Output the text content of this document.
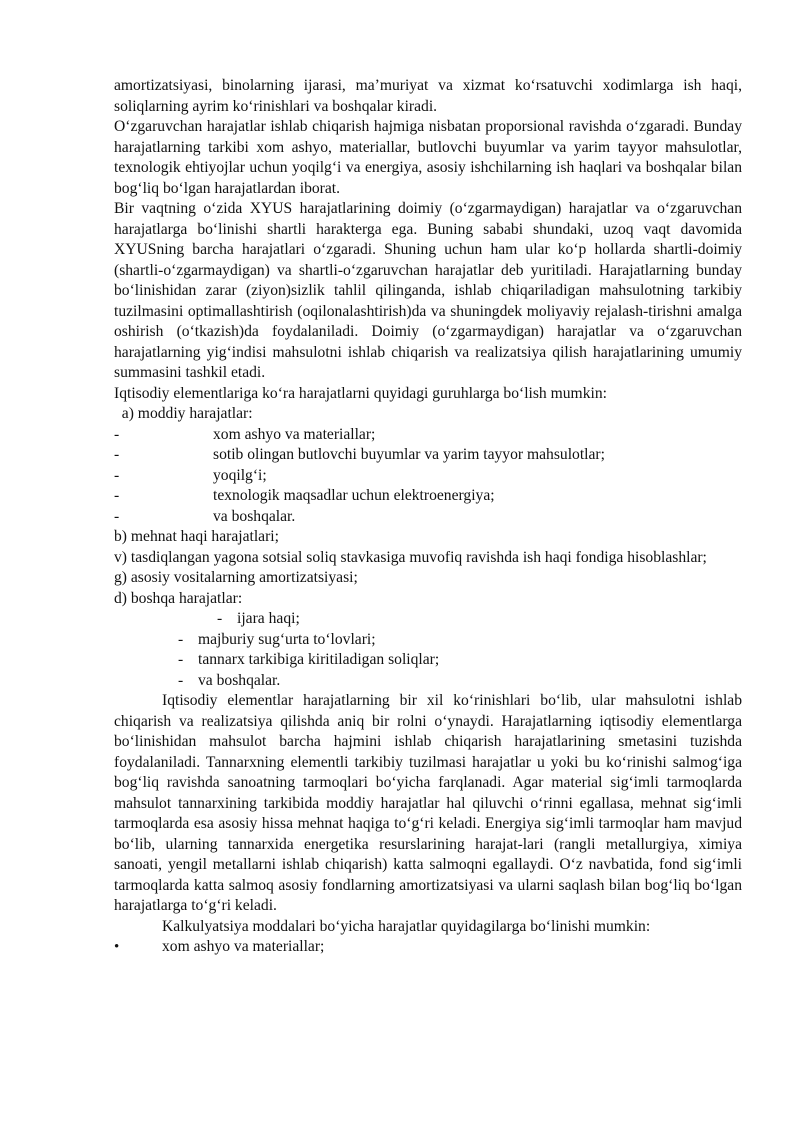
amortizatsiyasi, binolarning ijarasi, ma’muriyat va xizmat ko‘rsatuvchi xodimlarga ish haqi, soliqlarning ayrim ko‘rinishlari va boshqalar kiradi.

O‘zgaruvchan harajatlar ishlab chiqarish hajmiga nisbatan proporsional ravishda o‘zgaradi. Bunday harajatlarning tarkibi xom ashyo, materiallar, butlovchi buyumlar va yarim tayyor mahsulotlar, texnologik ehtiyojlar uchun yoqilg‘i va energiya, asosiy ishchilarning ish haqlari va boshqalar bilan bog‘liq bo‘lgan harajatlardan iborat.

Bir vaqtning o‘zida XYUS harajatlarining doimiy (o‘zgarmaydigan) harajatlar va o‘zgaruvchan harajatlarga bo‘linishi shartli harakterga ega. Buning sababi shundaki, uzoq vaqt davomida XYUSning barcha harajatlari o‘zgaradi. Shuning uchun ham ular ko‘p hollarda shartli-doimiy (shartli-o‘zgarmaydigan) va shartli-o‘zgaruvchan harajatlar deb yuritiladi. Harajatlarning bunday bo‘linishidan zarar (ziyon)sizlik tahlil qilinganda, ishlab chiqariladigan mahsulotning tarkibiy tuzilmasini optimallashtirish (oqilonalashtirish)da va shuningdek moliyaviy rejalash-tirishni amalga oshirish (o‘tkazish)da foydalaniladi. Doimiy (o‘zgarmaydigan) harajatlar va o‘zgaruvchan harajatlarning yig‘indisi mahsulotni ishlab chiqarish va realizatsiya qilish harajatlarining umumiy summasini tashkil etadi.

Iqtisodiy elementlariga ko‘ra harajatlarni quyidagi guruhlarga bo‘lish mumkin:

a) moddiy harajatlar:

-	xom ashyo va materiallar;
-	sotib olingan butlovchi buyumlar va yarim tayyor mahsulotlar;
-	yoqilg‘i;
-	texnologik maqsadlar uchun elektroenergiya;
-	va boshqalar.

b) mehnat haqi harajatlari;

v) tasdiqlangan yagona sotsial soliq stavkasiga muvofiq ravishda ish haqi fondiga hisoblashlar;

g) asosiy vositalarning amortizatsiyasi;

d) boshqa harajatlar:

- ijara haqi;
- majburiy sug‘urta to‘lovlari;
- tannarx tarkibiga kiritiladigan soliqlar;
- va boshqalar.

Iqtisodiy elementlar harajatlarning bir xil ko‘rinishlari bo‘lib, ular mahsulotni ishlab chiqarish va realizatsiya qilishda aniq bir rolni o‘ynaydi. Harajatlarning iqtisodiy elementlarga bo‘linishidan mahsulot barcha hajmini ishlab chiqarish harajatlarining smetasini tuzishda foydalaniladi. Tannarxning elementli tarkibiy tuzilmasi harajatlar u yoki bu ko‘rinishi salmog‘iga bog‘liq ravishda sanoatning tarmoqlari bo‘yicha farqlanadi. Agar material sig‘imli tarmoqlarda mahsulot tannarxining tarkibida moddiy harajatlar hal qiluvchi o‘rinni egallasa, mehnat sig‘imli tarmoqlarda esa asosiy hissa mehnat haqiga to‘g‘ri keladi. Energiya sig‘imli tarmoqlar ham mavjud bo‘lib, ularning tannarxida energetika resurslarining harajat-lari (rangli metallurgiya, ximiya sanoati, yengil metallarni ishlab chiqarish) katta salmoqni egallaydi. O‘z navbatida, fond sig‘imli tarmoqlarda katta salmoq asosiy fondlarning amortizatsiyasi va ularni saqlash bilan bog‘liq bo‘lgan harajatlarga to‘g‘ri keladi.

Kalkulyatsiya moddalari bo‘yicha harajatlar quyidagilarga bo‘linishi mumkin:

•	xom ashyo va materiallar;
